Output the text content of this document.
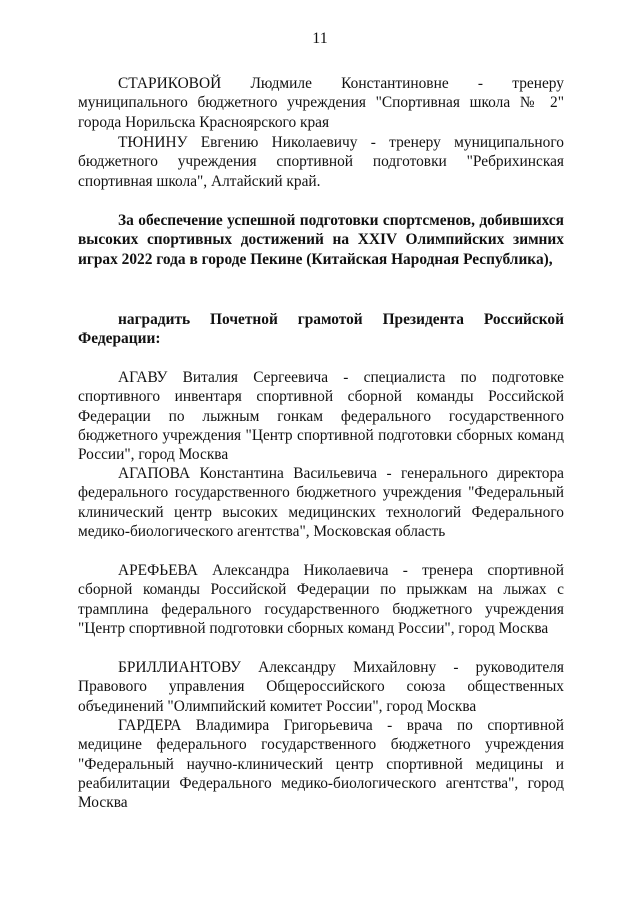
11

СТАРИКОВОЙ Людмиле Константиновне - тренеру муниципального бюджетного учреждения "Спортивная школа № 2" города Норильска Красноярского края

ТЮНИНУ Евгению Николаевичу - тренеру муниципального бюджетного учреждения спортивной подготовки "Ребрихинская спортивная школа", Алтайский край.

За обеспечение успешной подготовки спортсменов, добившихся высоких спортивных достижений на XXIV Олимпийских зимних играх 2022 года в городе Пекине (Китайская Народная Республика),

наградить Почетной грамотой Президента Российской Федерации:

АГАВУ Виталия Сергеевича - специалиста по подготовке спортивного инвентаря спортивной сборной команды Российской Федерации по лыжным гонкам федерального государственного бюджетного учреждения "Центр спортивной подготовки сборных команд России", город Москва

АГАПОВА Константина Васильевича - генерального директора федерального государственного бюджетного учреждения "Федеральный клинический центр высоких медицинских технологий Федерального медико-биологического агентства", Московская область

АРЕФЬЕВА Александра Николаевича - тренера спортивной сборной команды Российской Федерации по прыжкам на лыжах с трамплина федерального государственного бюджетного учреждения "Центр спортивной подготовки сборных команд России", город Москва

БРИЛЛИАНТОВУ Александру Михайловну - руководителя Правового управления Общероссийского союза общественных объединений "Олимпийский комитет России", город Москва

ГАРДЕРА Владимира Григорьевича - врача по спортивной медицине федерального государственного бюджетного учреждения "Федеральный научно-клинический центр спортивной медицины и реабилитации Федерального медико-биологического агентства", город Москва
